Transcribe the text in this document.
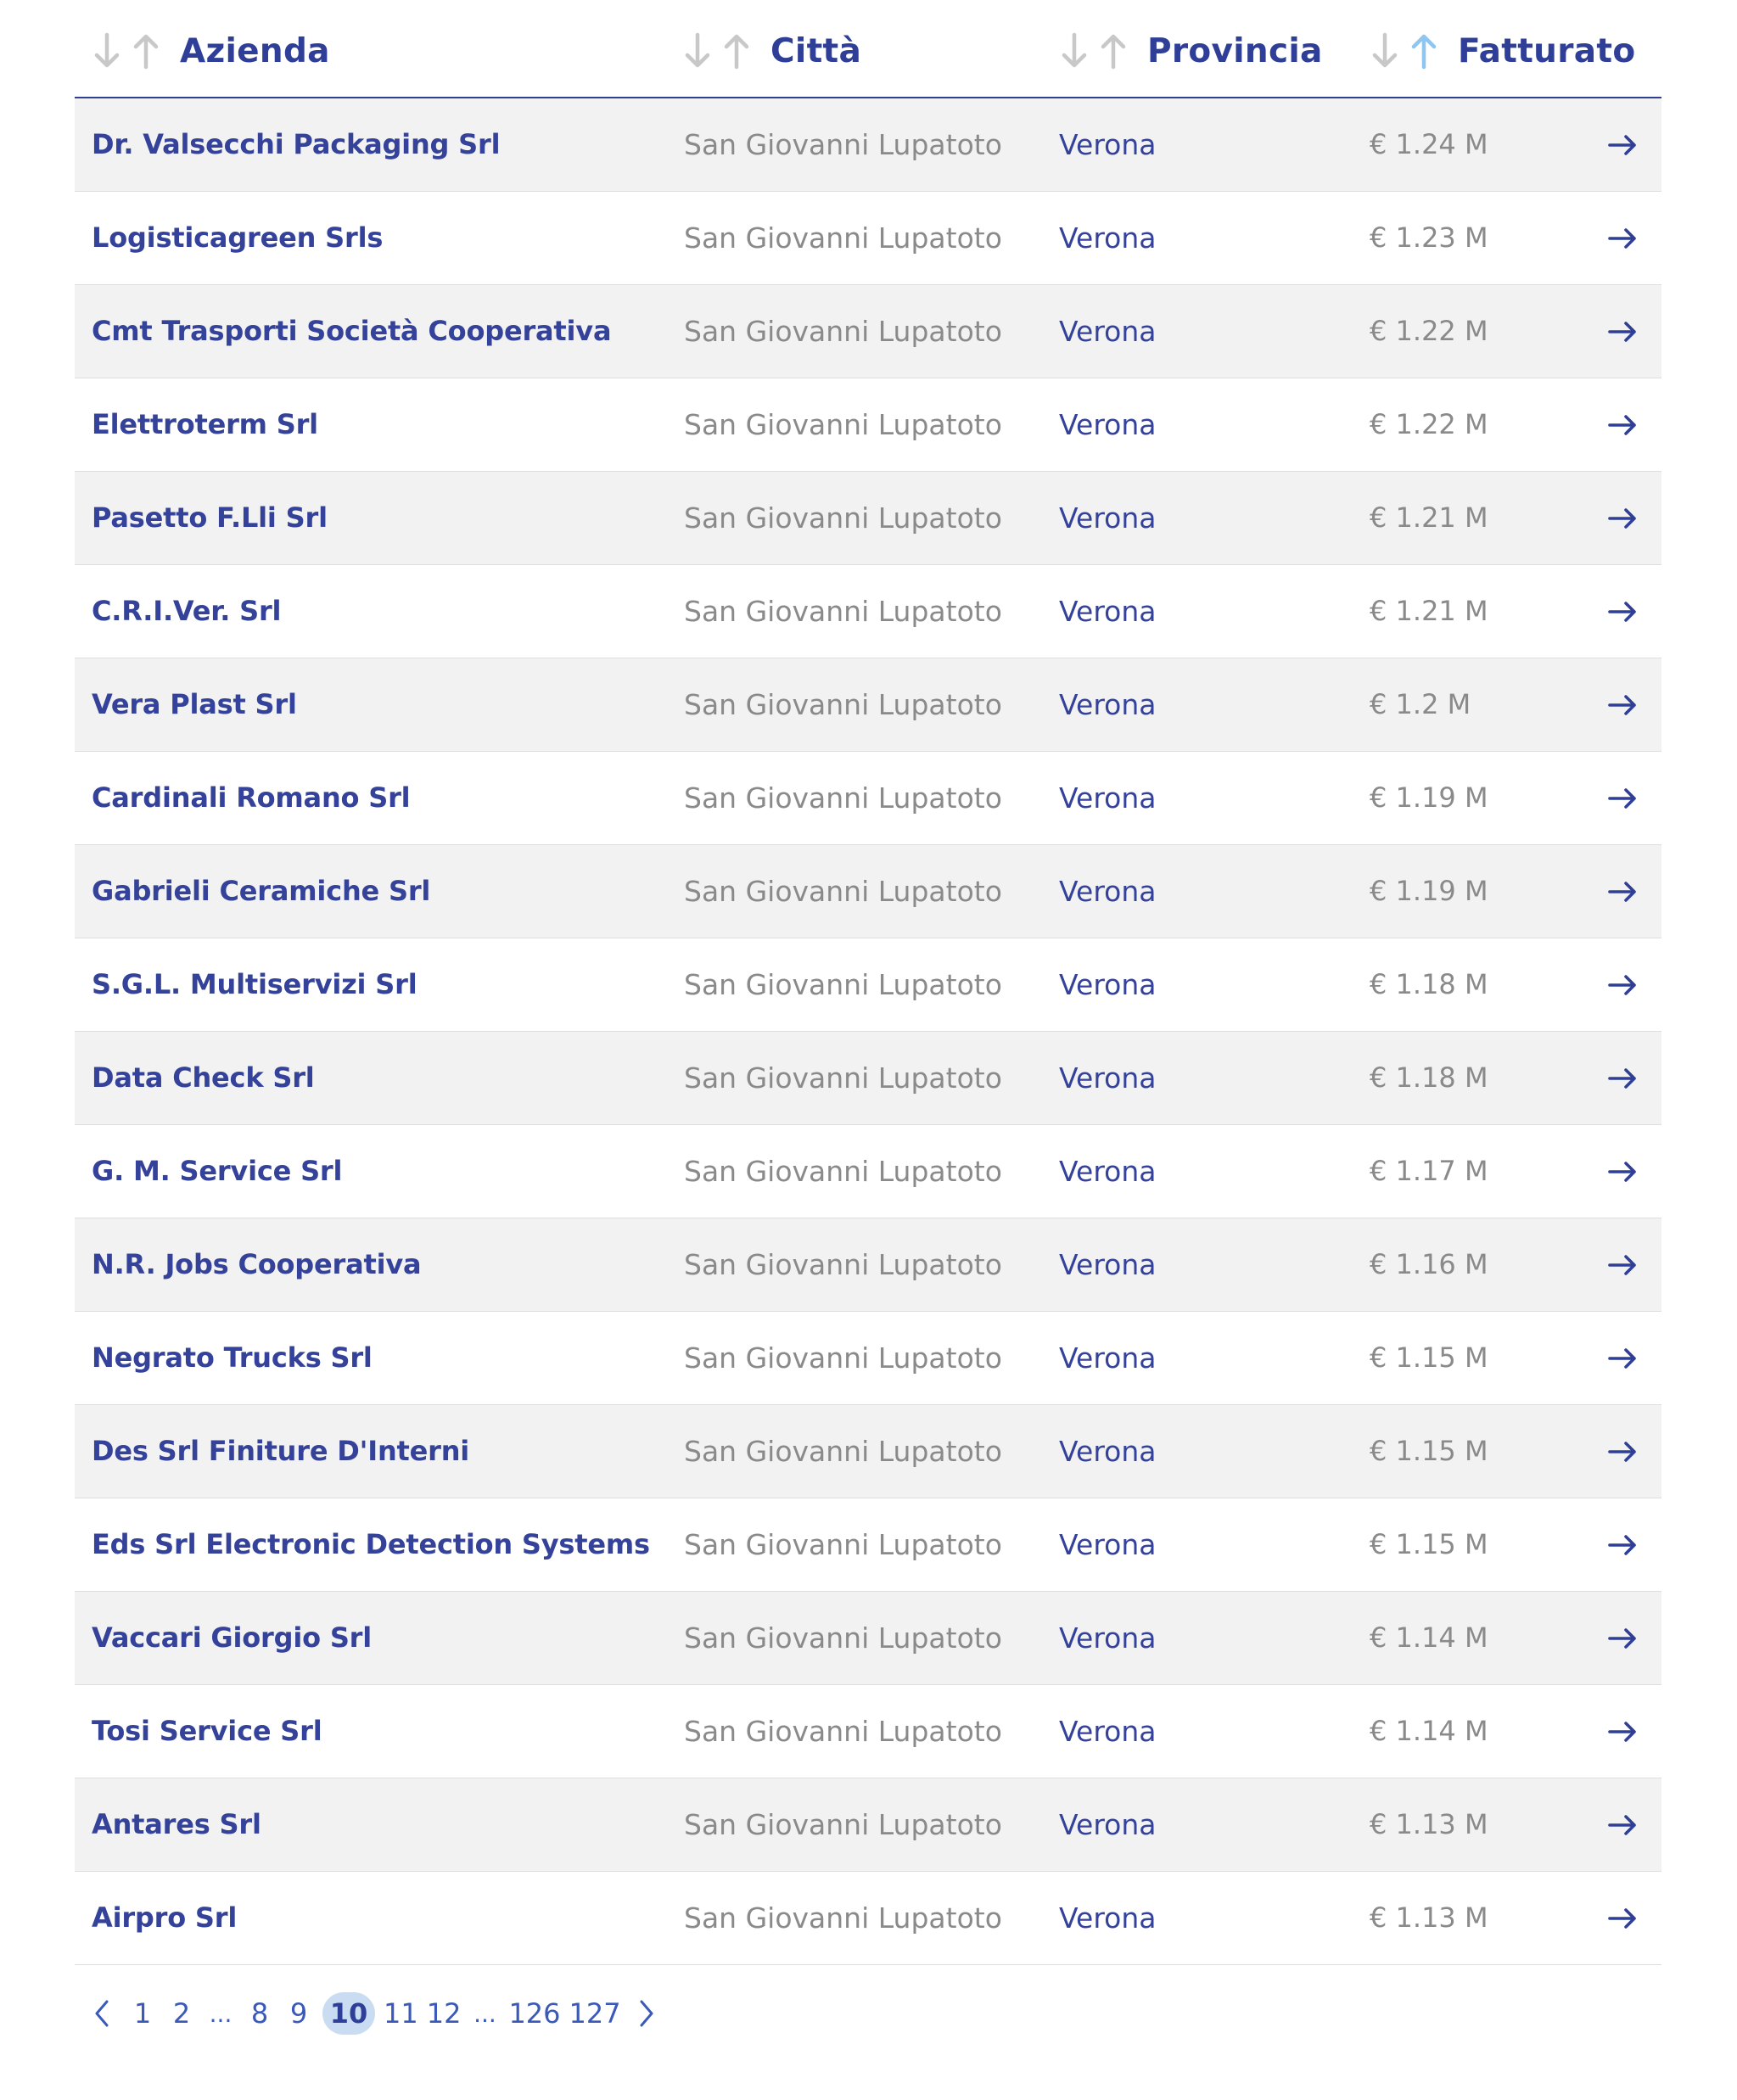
Azienda	Città	Provincia	Fatturato
Dr. Valsecchi Packaging Srl	San Giovanni Lupatoto Verona	€ 1.24 M
Logisticagreen Srls	San Giovanni Lupatoto Verona	€ 1.23 M
Cmt Trasporti Società Cooperativa	San Giovanni Lupatoto Verona	€ 1.22 M
Elettroterm Srl	San Giovanni Lupatoto Verona	€ 1.22 M
Pasetto F.Lli Srl	San Giovanni Lupatoto Verona	€ 1.21 M
C.R.I.Ver. Srl	San Giovanni Lupatoto Verona	€ 1.21 M
Vera Plast Srl	San Giovanni Lupatoto Verona	€ 1.2 M
Cardinali Romano Srl	San Giovanni Lupatoto Verona	€ 1.19 M
Gabrieli Ceramiche Srl	San Giovanni Lupatoto Verona	€ 1.19 M
S.G.L. Multiservizi Srl	San Giovanni Lupatoto Verona	€ 1.18 M
Data Check Srl	San Giovanni Lupatoto Verona	€ 1.18 M
G. M. Service Srl	San Giovanni Lupatoto Verona	€ 1.17 M
N.R. Jobs Cooperativa	San Giovanni Lupatoto Verona	€ 1.16 M
Negrato Trucks Srl	San Giovanni Lupatoto Verona	€ 1.15 M
Des Srl Finiture D'Interni	San Giovanni Lupatoto Verona	€ 1.15 M
Eds Srl Electronic Detection Systems San Giovanni Lupatoto Verona	€ 1.15 M
Vaccari Giorgio Srl	San Giovanni Lupatoto Verona	€ 1.14 M
Tosi Service Srl	San Giovanni Lupatoto Verona	€ 1.14 M
Antares Srl	San Giovanni Lupatoto Verona	€ 1.13 M
Airpro Srl	San Giovanni Lupatoto Verona	€ 1.13 M
1 2 ... 8 9 10 11 12 ... 126 127
